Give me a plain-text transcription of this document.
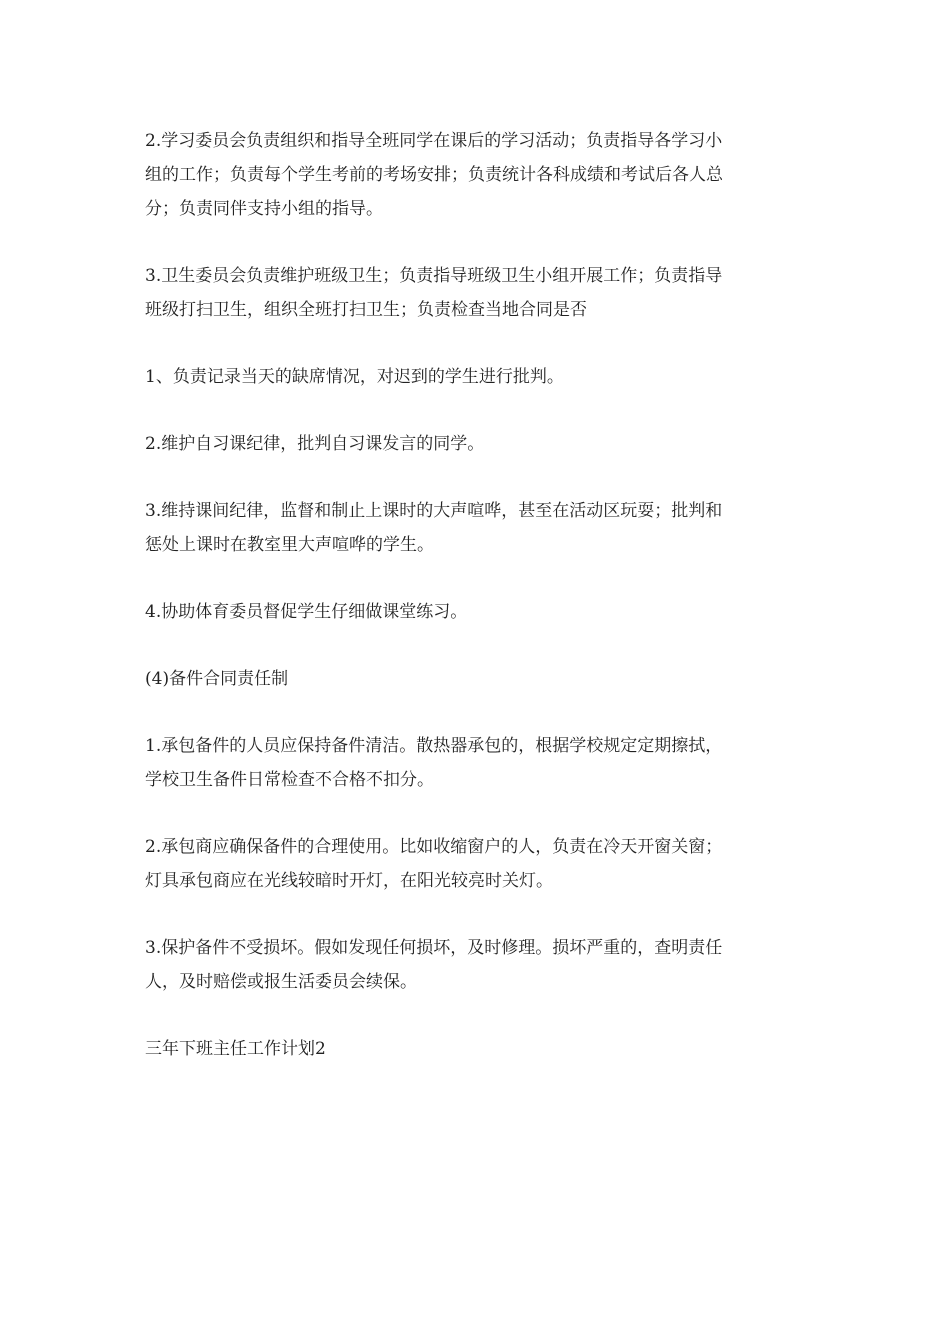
2.学习委员会负责组织和指导全班同学在课后的学习活动；负责指导各学习小
组的工作；负责每个学生考前的考场安排；负责统计各科成绩和考试后各人总
分；负责同伴支持小组的指导。

3.卫生委员会负责维护班级卫生；负责指导班级卫生小组开展工作；负责指导
班级打扫卫生，组织全班打扫卫生；负责检查当地合同是否

1、负责记录当天的缺席情况，对迟到的学生进行批判。

2.维护自习课纪律，批判自习课发言的同学。

3.维持课间纪律，监督和制止上课时的大声喧哗，甚至在活动区玩耍；批判和
惩处上课时在教室里大声喧哗的学生。

4.协助体育委员督促学生仔细做课堂练习。

(4)备件合同责任制

1.承包备件的人员应保持备件清洁。散热器承包的，根据学校规定定期擦拭，
学校卫生备件日常检查不合格不扣分。

2.承包商应确保备件的合理使用。比如收缩窗户的人，负责在冷天开窗关窗；
灯具承包商应在光线较暗时开灯，在阳光较亮时关灯。

3.保护备件不受损坏。假如发现任何损坏，及时修理。损坏严重的，查明责任
人，及时赔偿或报生活委员会续保。

三年下班主任工作计划2
